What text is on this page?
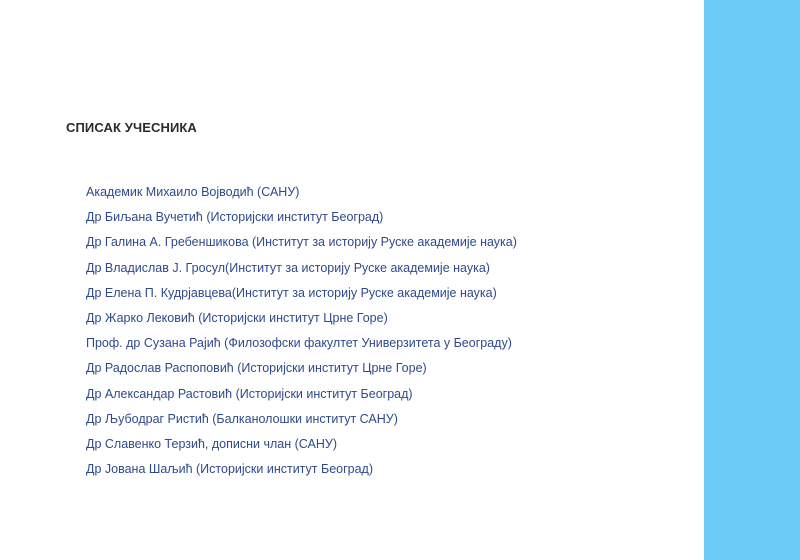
СПИСАК УЧЕСНИКА
Академик Михаило Војводић (САНУ)
Др Биљана Вучетић (Историјски институт Београд)
Др Галина А. Гребеншикова (Институт за историју Руске академије наука)
Др Владислав Ј. Гросул(Институт за историју Руске академије наука)
Др Елена П. Кудрјавцева(Институт за историју Руске академије наука)
Др Жарко Лековић (Историјски институт Црне Горе)
Проф. др Сузана Рајић (Филозофски факултет Универзитета у Београду)
Др Радослав Распоповић (Историјски институт Црне Горе)
Др Александар Растовић (Историјски институт Београд)
Др Љубодраг Ристић (Балканолошки институт САНУ)
Др Славенко Терзић, дописни члан (САНУ)
Др Јована Шаљић (Историјски институт Београд)
